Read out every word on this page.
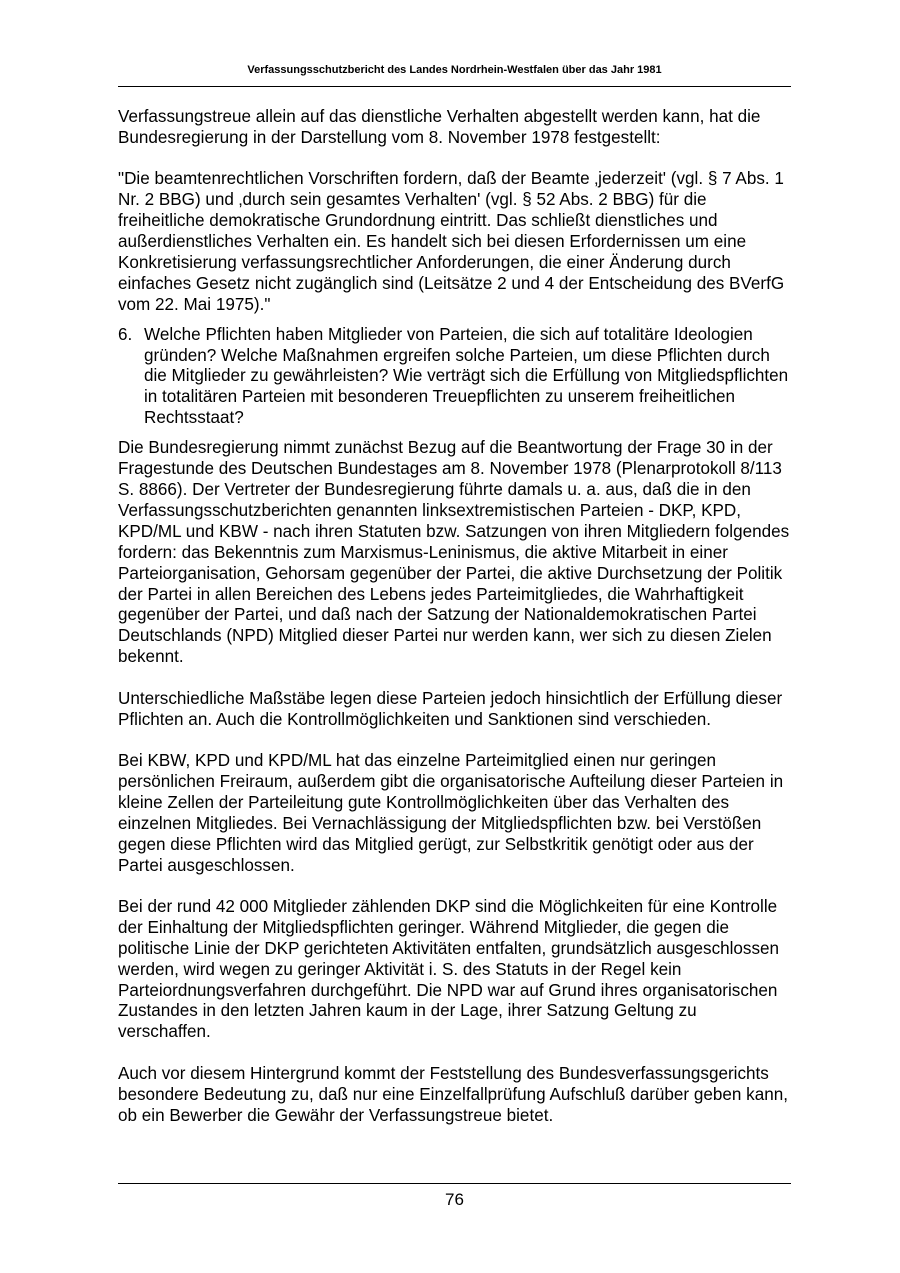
Verfassungsschutzbericht des Landes Nordrhein-Westfalen über das Jahr 1981

Verfassungstreue allein auf das dienstliche Verhalten abgestellt werden kann, hat die Bundesregierung in der Darstellung vom 8. November 1978 festgestellt:

"Die beamtenrechtlichen Vorschriften fordern, daß der Beamte ‚jederzeit' (vgl. § 7 Abs. 1 Nr. 2 BBG) und ‚durch sein gesamtes Verhalten' (vgl. § 52 Abs. 2 BBG) für die freiheitliche demokratische Grundordnung eintritt. Das schließt dienstliches und außerdienstliches Verhalten ein. Es handelt sich bei diesen Erfordernissen um eine Konkretisierung verfassungsrechtlicher Anforderungen, die einer Änderung durch einfaches Gesetz nicht zugänglich sind (Leitsätze 2 und 4 der Entscheidung des BVerfG vom 22. Mai 1975)."

6. Welche Pflichten haben Mitglieder von Parteien, die sich auf totalitäre Ideologien gründen? Welche Maßnahmen ergreifen solche Parteien, um diese Pflichten durch die Mitglieder zu gewährleisten? Wie verträgt sich die Erfüllung von Mitgliedspflichten in totalitären Parteien mit besonderen Treuepflichten zu unserem freiheitlichen Rechtsstaat?

Die Bundesregierung nimmt zunächst Bezug auf die Beantwortung der Frage 30 in der Fragestunde des Deutschen Bundestages am 8. November 1978 (Plenarprotokoll 8/113 S. 8866). Der Vertreter der Bundesregierung führte damals u. a. aus, daß die in den Verfassungsschutzberichten genannten linksextremistischen Parteien - DKP, KPD, KPD/ML und KBW - nach ihren Statuten bzw. Satzungen von ihren Mitgliedern folgendes fordern: das Bekenntnis zum Marxismus-Leninismus, die aktive Mitarbeit in einer Parteiorganisation, Gehorsam gegenüber der Partei, die aktive Durchsetzung der Politik der Partei in allen Bereichen des Lebens jedes Parteimitgliedes, die Wahrhaftigkeit gegenüber der Partei, und daß nach der Satzung der Nationaldemokratischen Partei Deutschlands (NPD) Mitglied dieser Partei nur werden kann, wer sich zu diesen Zielen bekennt.

Unterschiedliche Maßstäbe legen diese Parteien jedoch hinsichtlich der Erfüllung dieser Pflichten an. Auch die Kontrollmöglichkeiten und Sanktionen sind verschieden.

Bei KBW, KPD und KPD/ML hat das einzelne Parteimitglied einen nur geringen persönlichen Freiraum, außerdem gibt die organisatorische Aufteilung dieser Parteien in kleine Zellen der Parteileitung gute Kontrollmöglichkeiten über das Verhalten des einzelnen Mitgliedes. Bei Vernachlässigung der Mitgliedspflichten bzw. bei Verstößen gegen diese Pflichten wird das Mitglied gerügt, zur Selbstkritik genötigt oder aus der Partei ausgeschlossen.

Bei der rund 42 000 Mitglieder zählenden DKP sind die Möglichkeiten für eine Kontrolle der Einhaltung der Mitgliedspflichten geringer. Während Mitglieder, die gegen die politische Linie der DKP gerichteten Aktivitäten entfalten, grundsätzlich ausgeschlossen werden, wird wegen zu geringer Aktivität i. S. des Statuts in der Regel kein Parteiordnungsverfahren durchgeführt. Die NPD war auf Grund ihres organisatorischen Zustandes in den letzten Jahren kaum in der Lage, ihrer Satzung Geltung zu verschaffen.

Auch vor diesem Hintergrund kommt der Feststellung des Bundesverfassungsgerichts besondere Bedeutung zu, daß nur eine Einzelfallprüfung Aufschluß darüber geben kann, ob ein Bewerber die Gewähr der Verfassungstreue bietet.

76
